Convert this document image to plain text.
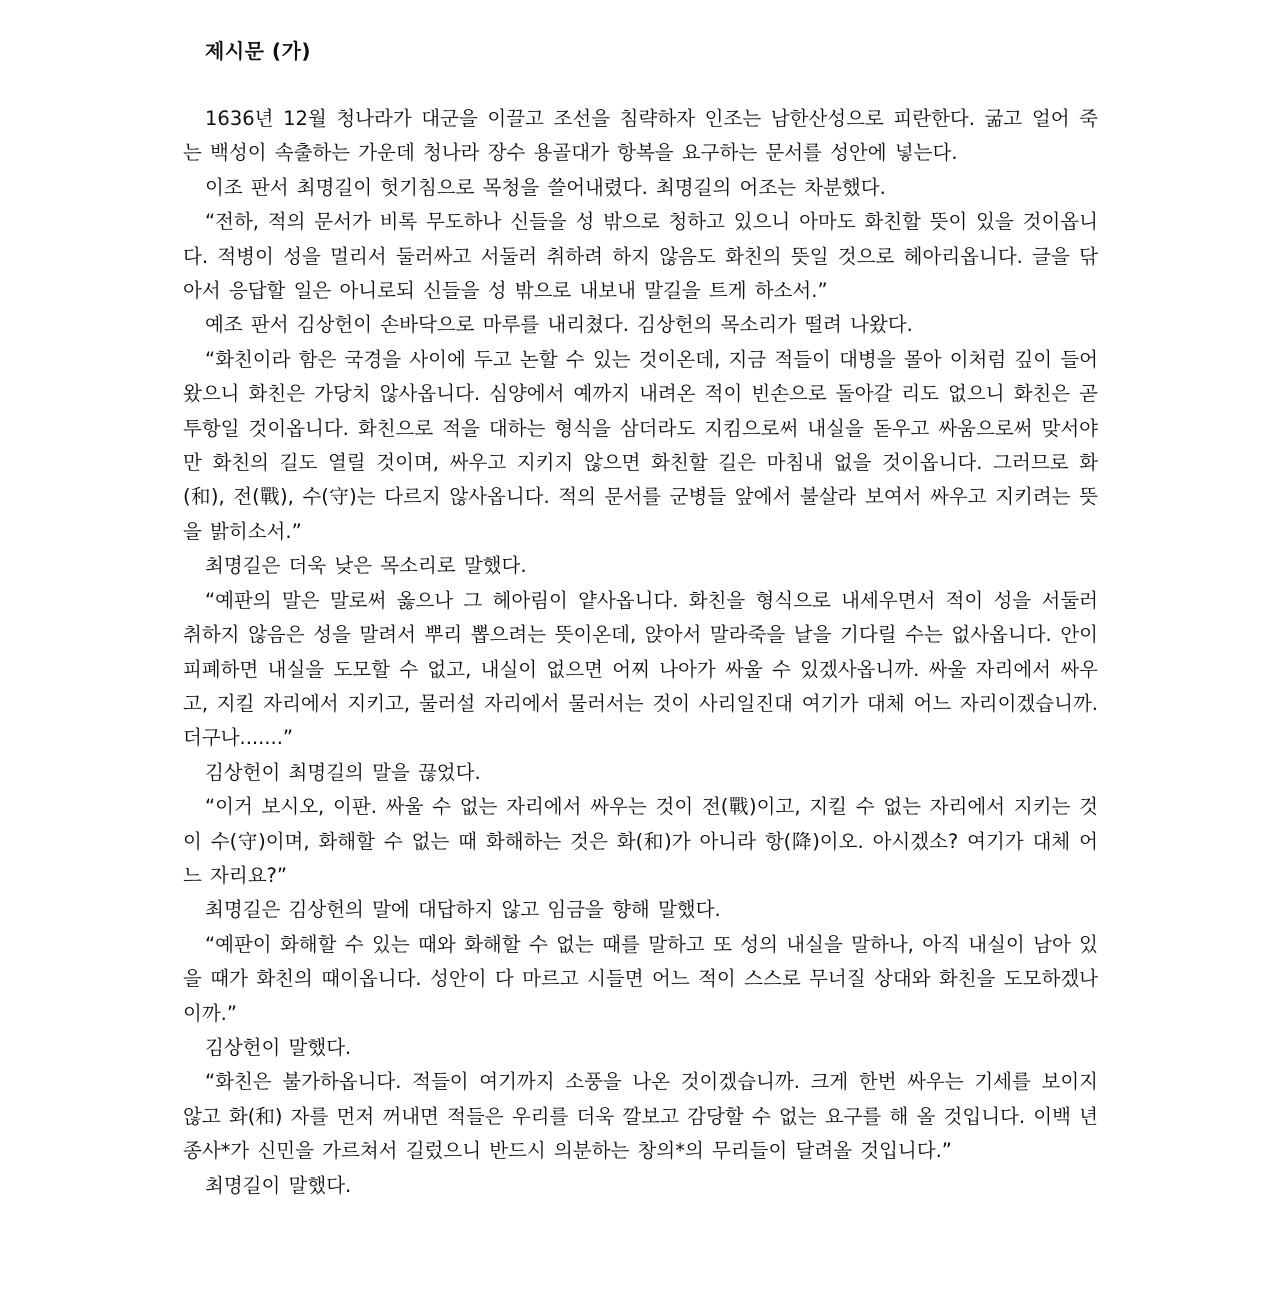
제시문 (가)

1636년 12월 청나라가 대군을 이끌고 조선을 침략하자 인조는 남한산성으로 피란한다. 굶고 얼어 죽는 백성이 속출하는 가운데 청나라 장수 용골대가 항복을 요구하는 문서를 성안에 넣는다.

이조 판서 최명길이 헛기침으로 목청을 쓸어내렸다. 최명길의 어조는 차분했다.

“전하, 적의 문서가 비록 무도하나 신들을 성 밖으로 청하고 있으니 아마도 화친할 뜻이 있을 것이옵니다. 적병이 성을 멀리서 둘러싸고 서둘러 취하려 하지 않음도 화친의 뜻일 것으로 헤아리옵니다. 글을 닦아서 응답할 일은 아니로되 신들을 성 밖으로 내보내 말길을 트게 하소서.”

예조 판서 김상헌이 손바닥으로 마루를 내리쳤다. 김상헌의 목소리가 떨려 나왔다.

“화친이라 함은 국경을 사이에 두고 논할 수 있는 것이온데, 지금 적들이 대병을 몰아 이처럼 깊이 들어왔으니 화친은 가당치 않사옵니다. 심양에서 예까지 내려온 적이 빈손으로 돌아갈 리도 없으니 화친은 곧 투항일 것이옵니다. 화친으로 적을 대하는 형식을 삼더라도 지킴으로써 내실을 돋우고 싸움으로써 맞서야만 화친의 길도 열릴 것이며, 싸우고 지키지 않으면 화친할 길은 마침내 없을 것이옵니다. 그러므로 화(和), 전(戰), 수(守)는 다르지 않사옵니다. 적의 문서를 군병들 앞에서 불살라 보여서 싸우고 지키려는 뜻을 밝히소서.”

최명길은 더욱 낮은 목소리로 말했다.

“예판의 말은 말로써 옳으나 그 헤아림이 얕사옵니다. 화친을 형식으로 내세우면서 적이 성을 서둘러 취하지 않음은 성을 말려서 뿌리 뽑으려는 뜻이온데, 앉아서 말라죽을 날을 기다릴 수는 없사옵니다. 안이 피폐하면 내실을 도모할 수 없고, 내실이 없으면 어찌 나아가 싸울 수 있겠사옵니까. 싸울 자리에서 싸우고, 지킬 자리에서 지키고, 물러설 자리에서 물러서는 것이 사리일진대 여기가 대체 어느 자리이겠습니까. 더구나.......”

김상헌이 최명길의 말을 끊었다.

“이거 보시오, 이판. 싸울 수 없는 자리에서 싸우는 것이 전(戰)이고, 지킬 수 없는 자리에서 지키는 것이 수(守)이며, 화해할 수 없는 때 화해하는 것은 화(和)가 아니라 항(降)이오. 아시겠소? 여기가 대체 어느 자리요?”

최명길은 김상헌의 말에 대답하지 않고 임금을 향해 말했다.

“예판이 화해할 수 있는 때와 화해할 수 없는 때를 말하고 또 성의 내실을 말하나, 아직 내실이 남아 있을 때가 화친의 때이옵니다. 성안이 다 마르고 시들면 어느 적이 스스로 무너질 상대와 화친을 도모하겠나이까.”

김상헌이 말했다.

“화친은 불가하옵니다. 적들이 여기까지 소풍을 나온 것이겠습니까. 크게 한번 싸우는 기세를 보이지 않고 화(和) 자를 먼저 꺼내면 적들은 우리를 더욱 깔보고 감당할 수 없는 요구를 해 올 것입니다. 이백 년 종사*가 신민을 가르쳐서 길렀으니 반드시 의분하는 창의*의 무리들이 달려올 것입니다.”

최명길이 말했다.
